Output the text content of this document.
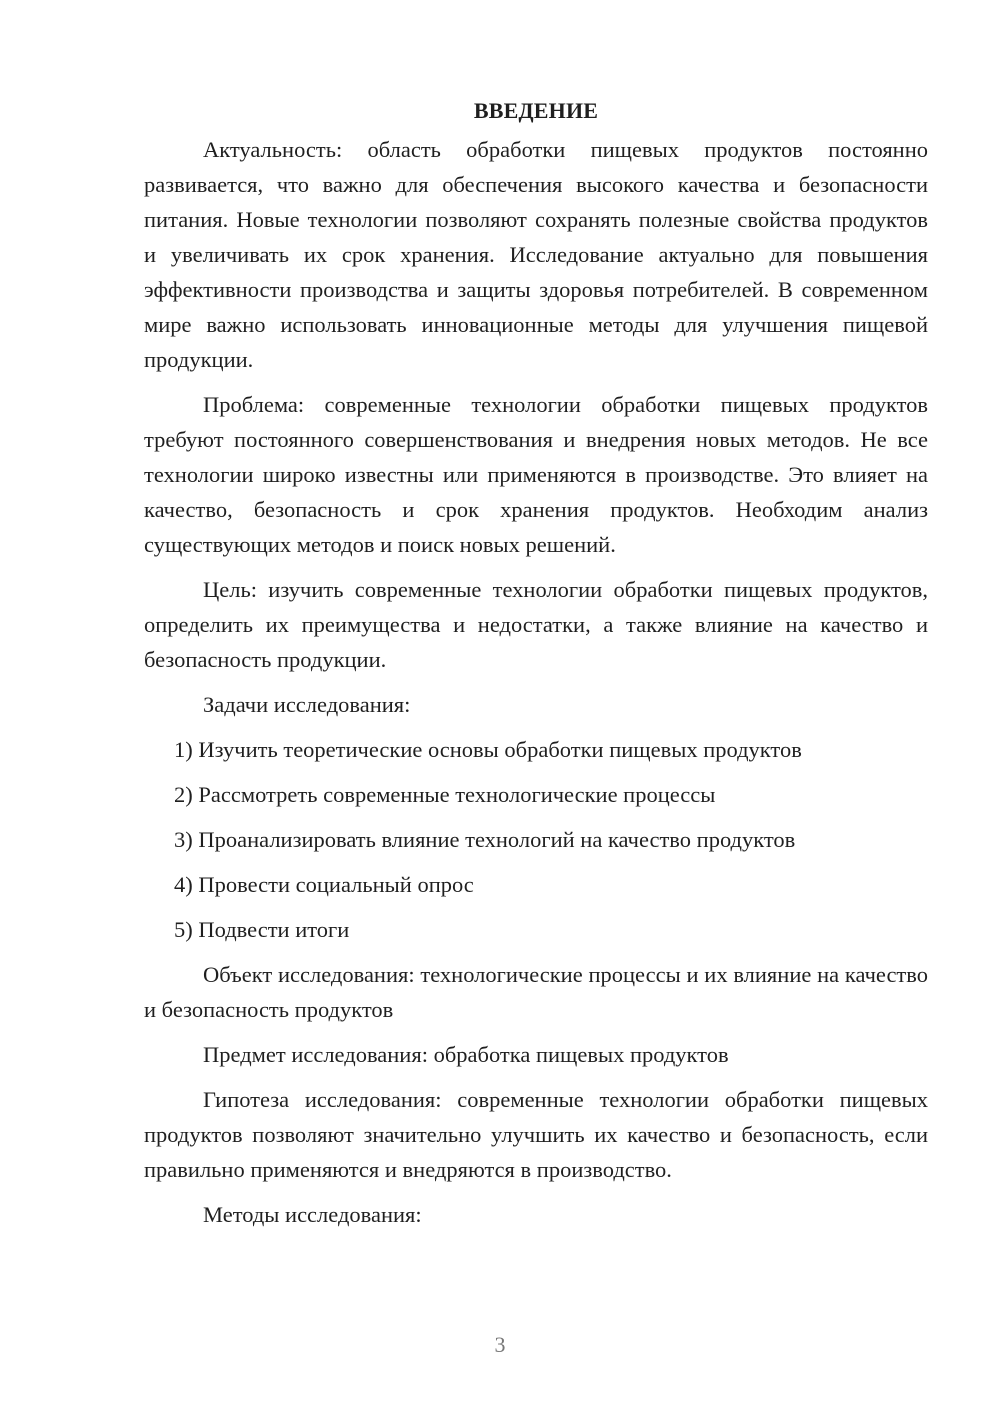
ВВЕДЕНИЕ

Актуальность: область обработки пищевых продуктов постоянно развивается, что важно для обеспечения высокого качества и безопасности питания. Новые технологии позволяют сохранять полезные свойства продуктов и увеличивать их срок хранения. Исследование актуально для повышения эффективности производства и защиты здоровья потребителей. В современном мире важно использовать инновационные методы для улучшения пищевой продукции.

Проблема: современные технологии обработки пищевых продуктов требуют постоянного совершенствования и внедрения новых методов. Не все технологии широко известны или применяются в производстве. Это влияет на качество, безопасность и срок хранения продуктов. Необходим анализ существующих методов и поиск новых решений.

Цель: изучить современные технологии обработки пищевых продуктов, определить их преимущества и недостатки, а также влияние на качество и безопасность продукции.

Задачи исследования:

1) Изучить теоретические основы обработки пищевых продуктов
2) Рассмотреть современные технологические процессы
3) Проанализировать влияние технологий на качество продуктов
4) Провести социальный опрос
5) Подвести итоги

Объект исследования: технологические процессы и их влияние на качество и безопасность продуктов

Предмет исследования: обработка пищевых продуктов

Гипотеза исследования: современные технологии обработки пищевых продуктов позволяют значительно улучшить их качество и безопасность, если правильно применяются и внедряются в производство.

Методы исследования:

3
